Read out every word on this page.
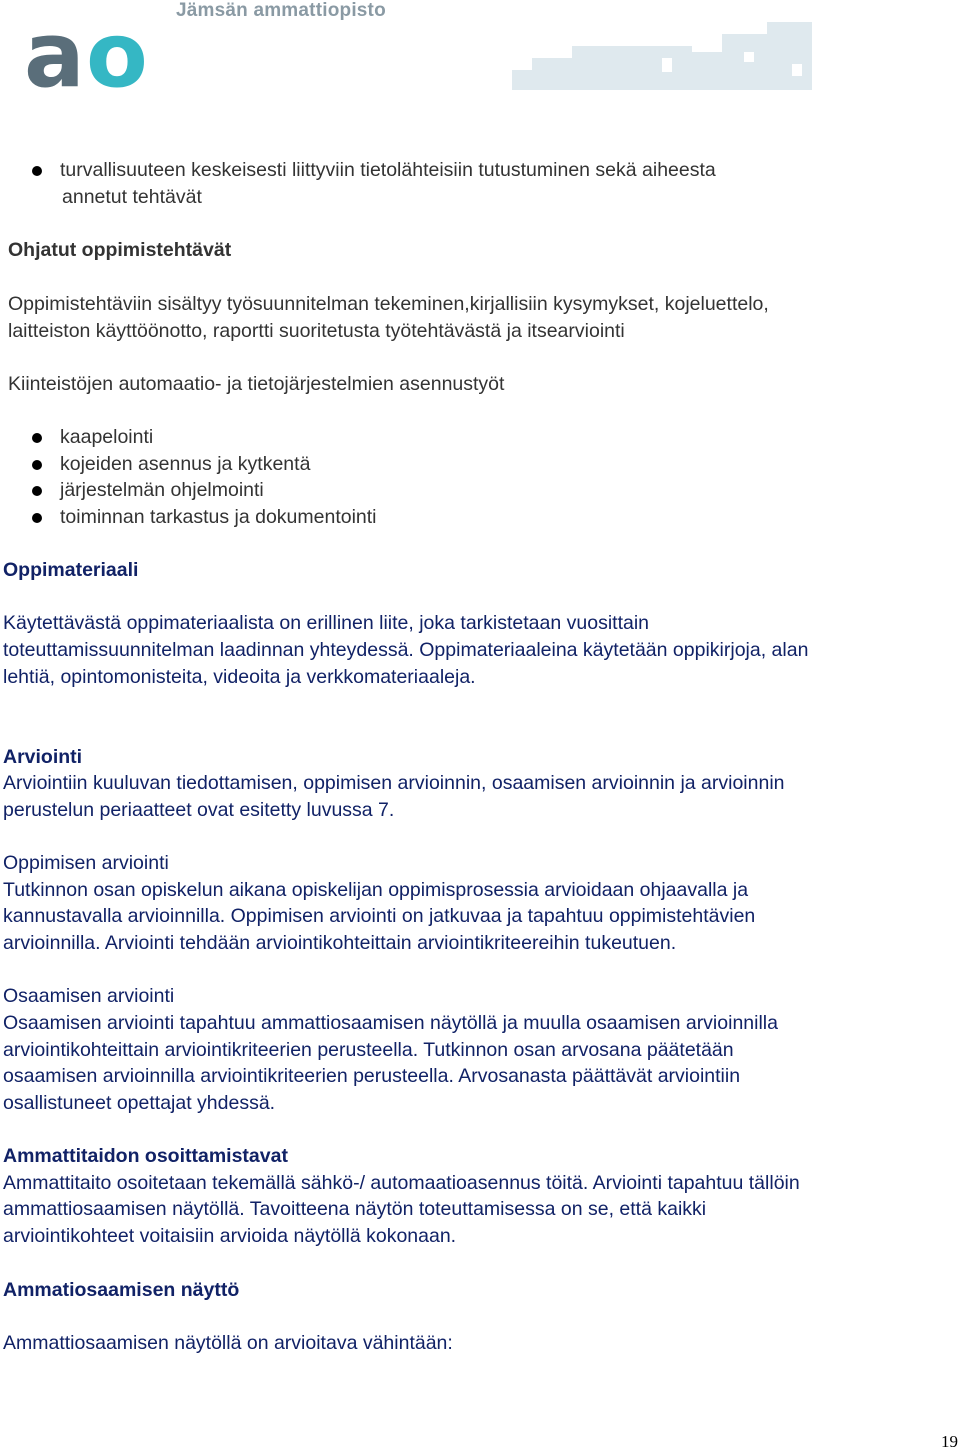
Jämsän ammattiopisto
a o
turvallisuuteen keskeisesti liittyviin tietolähteisiin tutustuminen sekä aiheesta
annetut tehtävät
Ohjatut oppimistehtävät
Oppimistehtäviin sisältyy työsuunnitelman tekeminen,kirjallisiin kysymykset, kojeluettelo,
laitteiston käyttöönotto, raportti suoritetusta työtehtävästä ja itsearviointi
Kiinteistöjen automaatio- ja tietojärjestelmien asennustyöt
kaapelointi
kojeiden asennus ja kytkentä
järjestelmän ohjelmointi
toiminnan tarkastus ja dokumentointi
Oppimateriaali
Käytettävästä oppimateriaalista on erillinen liite, joka tarkistetaan vuosittain
toteuttamissuunnitelman laadinnan yhteydessä. Oppimateriaaleina käytetään oppikirjoja, alan
lehtiä, opintomonisteita, videoita ja verkkomateriaaleja.
Arviointi
Arviointiin kuuluvan tiedottamisen, oppimisen arvioinnin, osaamisen arvioinnin ja arvioinnin
perustelun periaatteet ovat esitetty luvussa 7.
Oppimisen arviointi
Tutkinnon osan opiskelun aikana opiskelijan oppimisprosessia arvioidaan ohjaavalla ja
kannustavalla arvioinnilla. Oppimisen arviointi on jatkuvaa ja tapahtuu oppimistehtävien
arvioinnilla. Arviointi tehdään arviointikohteittain arviointikriteereihin tukeutuen.
Osaamisen arviointi
Osaamisen arviointi tapahtuu ammattiosaamisen näytöllä ja muulla osaamisen arvioinnilla
arviointikohteittain arviointikriteerien perusteella. Tutkinnon osan arvosana päätetään
osaamisen arvioinnilla arviointikriteerien perusteella. Arvosanasta päättävät arviointiin
osallistuneet opettajat yhdessä.
Ammattitaidon osoittamistavat
Ammattitaito osoitetaan tekemällä sähkö-/ automaatioasennus töitä. Arviointi tapahtuu tällöin
ammattiosaamisen näytöllä. Tavoitteena näytön toteuttamisessa on se, että kaikki
arviointikohteet voitaisiin arvioida näytöllä kokonaan.
Ammatiosaamisen näyttö
Ammattiosaamisen näytöllä on arvioitava vähintään:
19
